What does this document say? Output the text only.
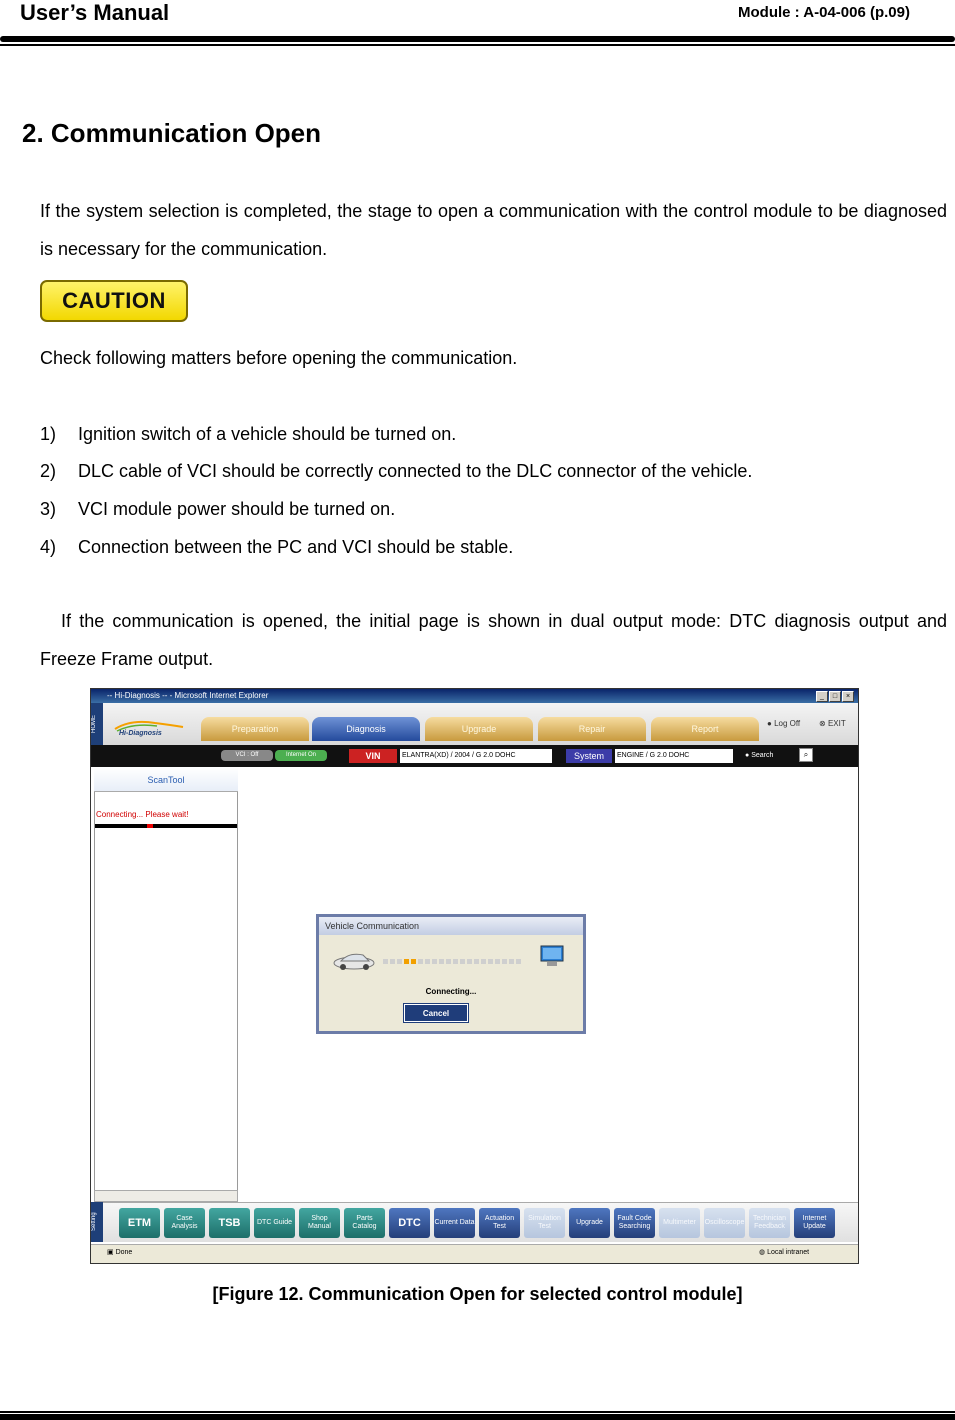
User’s Manual	Module : A-04-006 (p.09)
2. Communication Open
If the system selection is completed, the stage to open a communication with the control module to be diagnosed is necessary for the communication.
CAUTION
Check following matters before opening the communication.
1) Ignition switch of a vehicle should be turned on.
2) DLC cable of VCI should be correctly connected to the DLC connector of the vehicle.
3) VCI module power should be turned on.
4) Connection between the PC and VCI should be stable.
If the communication is opened, the initial page is shown in dual output mode: DTC diagnosis output and Freeze Frame output.
-- Hi-Diagnosis -- - Microsoft Internet Explorer	_	□	×
HOME
Hi-Diagnosis	Preparation	Diagnosis	Upgrade	Repair	Report
● Log Off ⊗ EXIT
VCI : Off	Internet On	VIN	ELANTRA(XD) / 2004 / G 2.0 DOHC	System	ENGINE / G 2.0 DOHC	● Search	⌕
ScanTool
Connecting... Please wait!
Vehicle Communication
Connecting...
Cancel
Setting	ETM	Case Analysis	TSB	DTC Guide
Shop Manual
Parts Catalog	DTC	Current Data
Actuation Test
Simulation Test
Upgrade
Fault Code Searching
Multimeter	Oscilloscope
Technician Feedback
Internet Update
▣ Done	◍ Local intranet
[Figure 12. Communication Open for selected control module]
